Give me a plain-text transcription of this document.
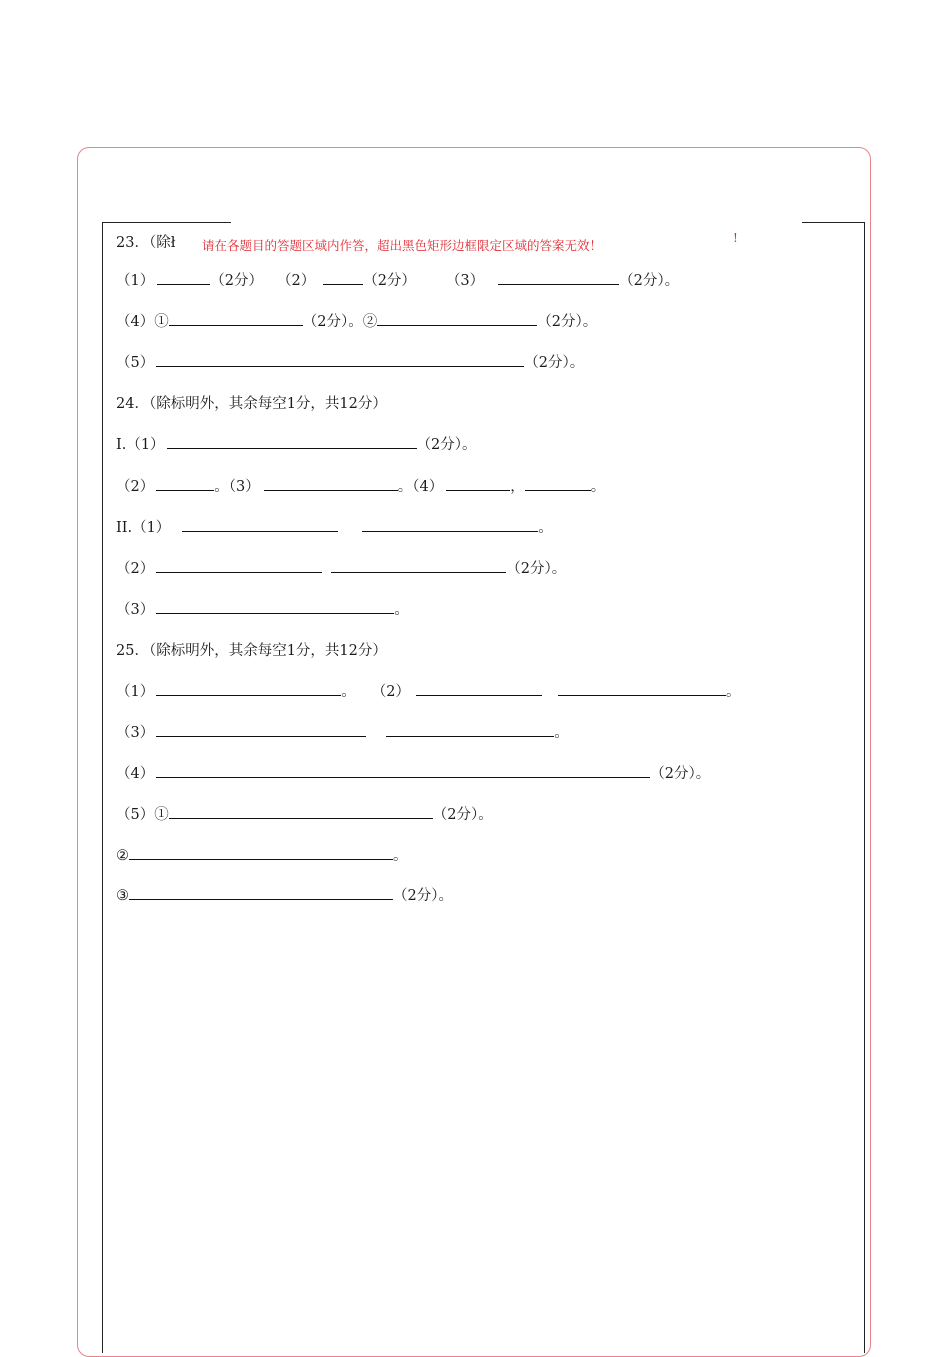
23．（除ł 请在各题目的答题区域内作答，超出黑色矩形边框限定区域的答案无效！	!
（1）	（2分） （2）	（2分） （3）	（2分）。
（4）①	（2分）。②	（2分）。
（5）	（2分）。
24．（除标明外，其余每空1分，共12分）
I.（1）	（2分）。
（2）	。（3）	。（4）	，	。
II.（1）	。
（2）	（2分）。
（3）	。
25．（除标明外，其余每空1分，共12分）
（1）	。 （2）	。
（3）	。
（4）	（2分）。
（5）①	（2分）。
②	。
③	（2分）。
